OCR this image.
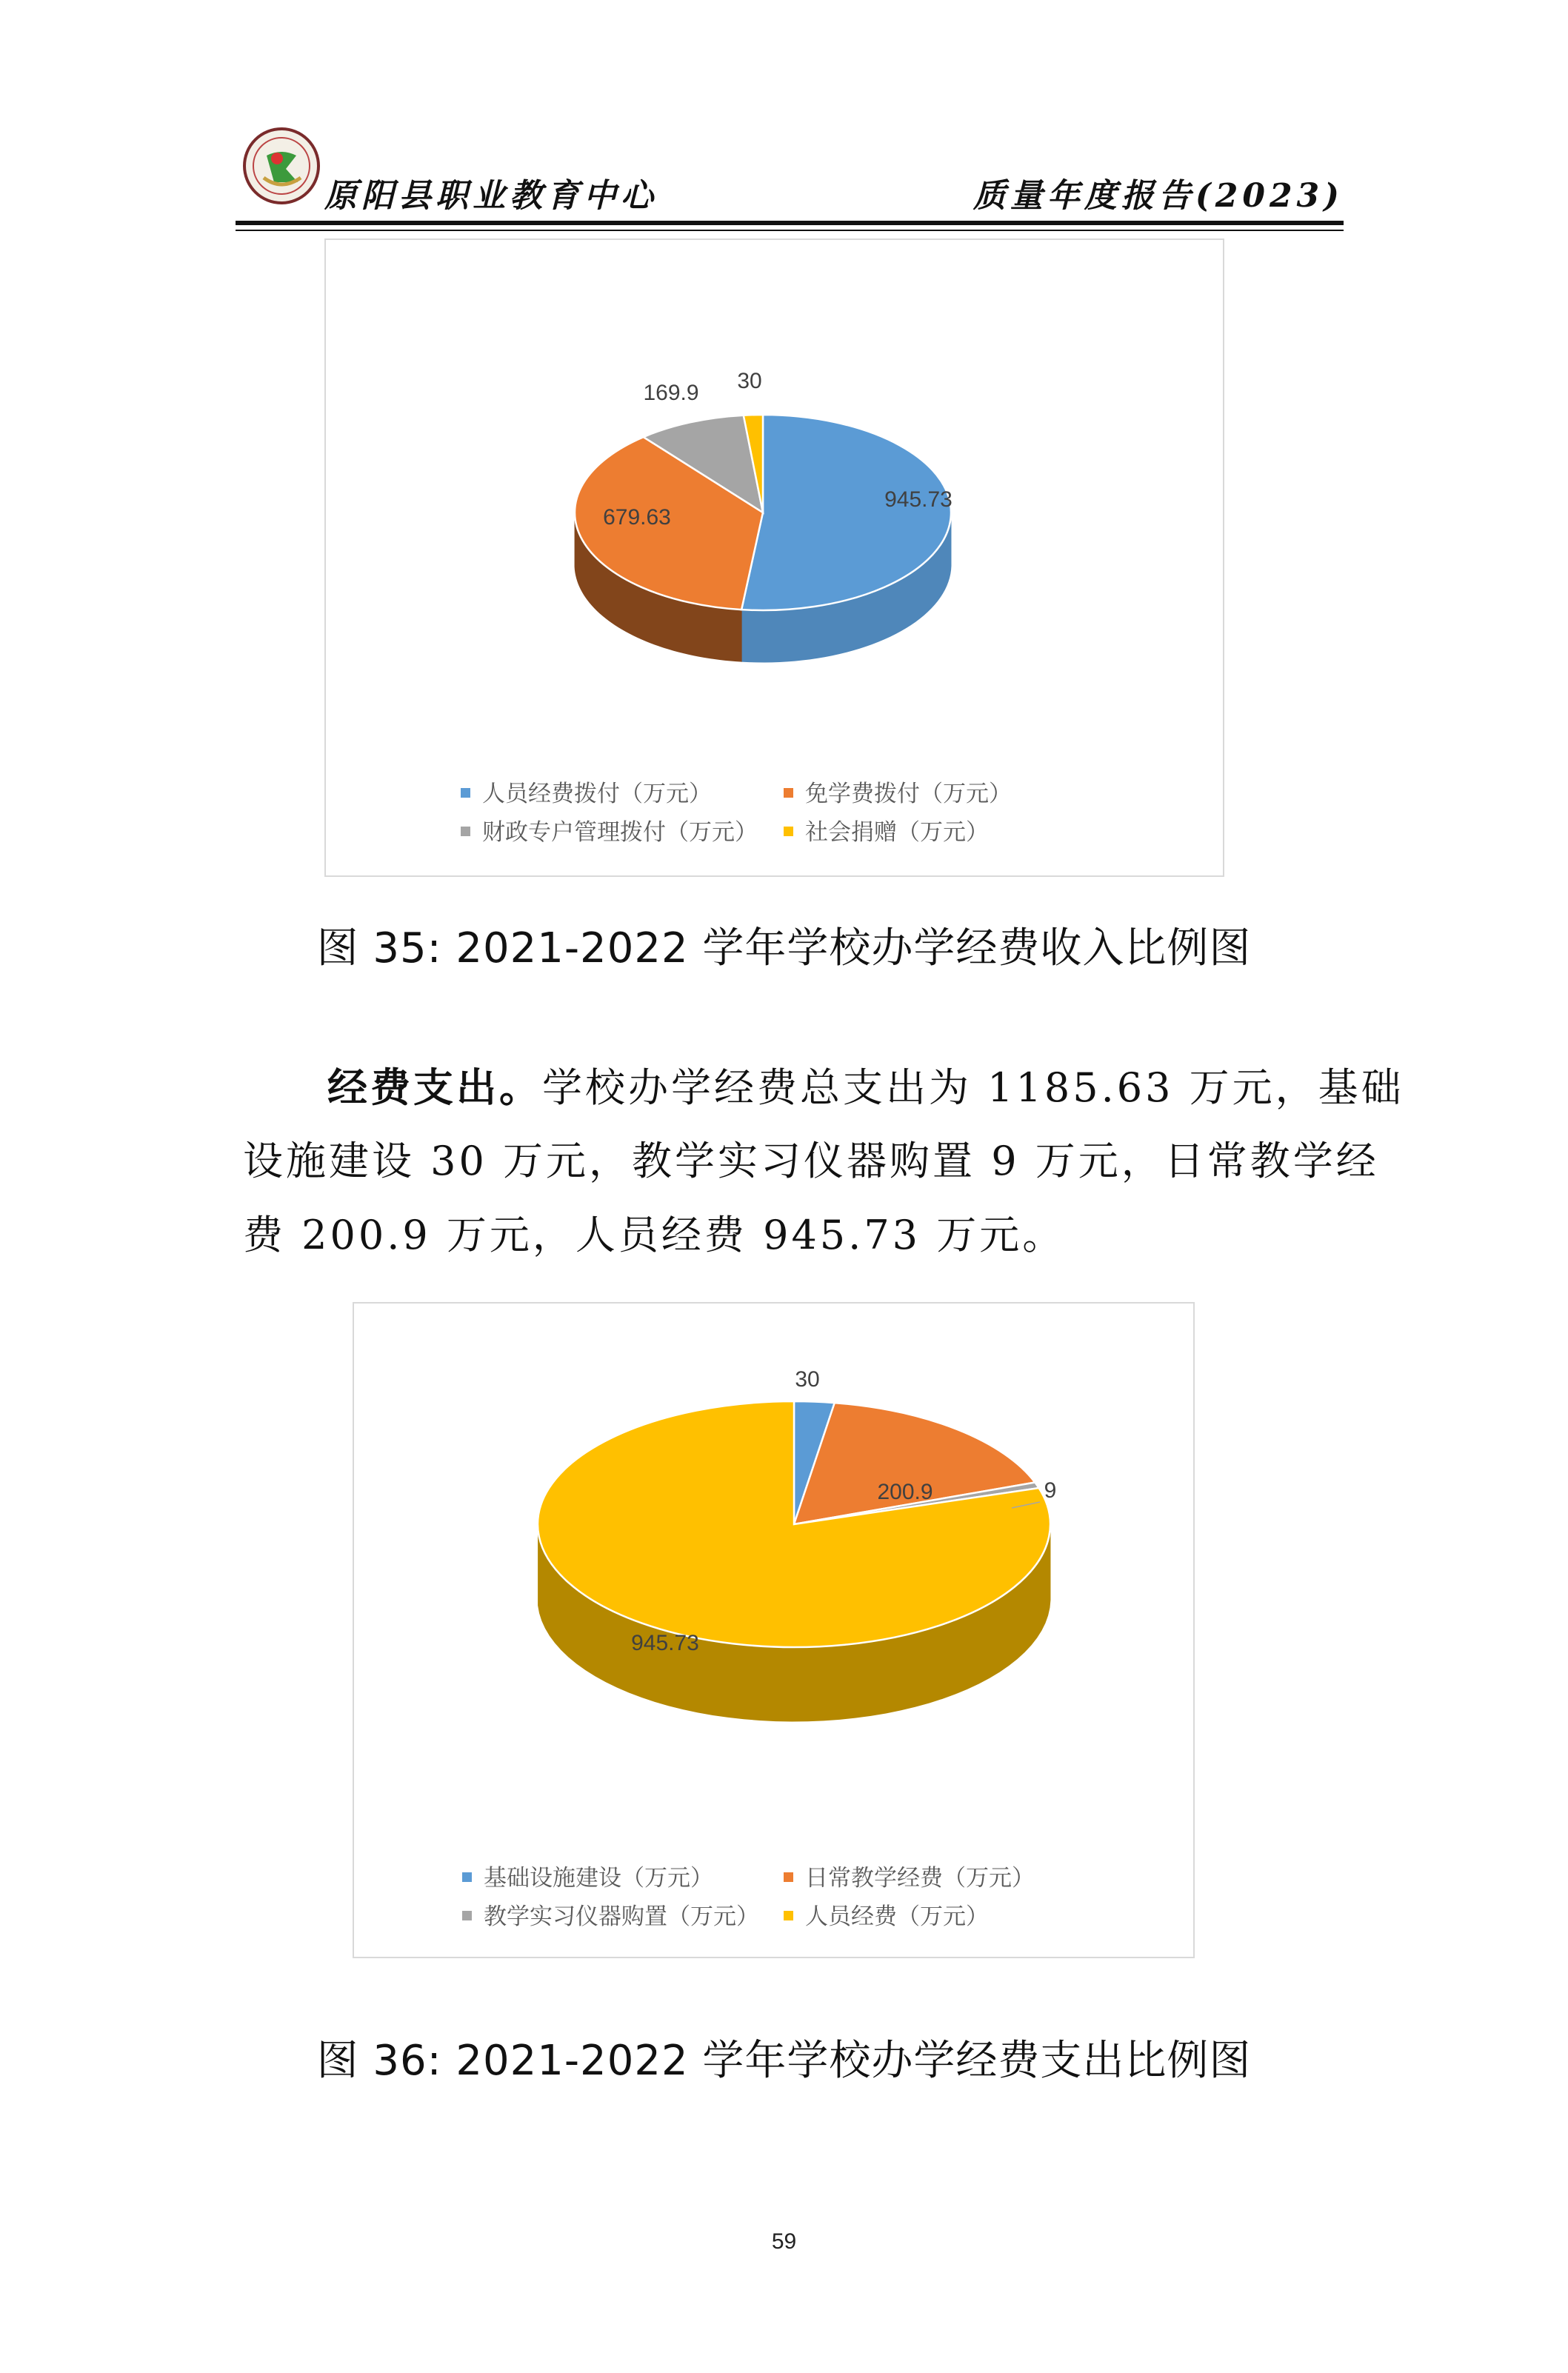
原阳县职业教育中心	质量年度报告(2023)
945.73
679.63
169.9 30
人员经费拨付（万元）	免学费拨付（万元）
财政专户管理拨付（万元）	社会捐赠（万元）
图 35: 2021-2022 学年学校办学经费收入比例图
经费支出。学校办学经费总支出为 1185.63 万元，基础
设施建设 30 万元，教学实习仪器购置 9 万元，日常教学经
费 200.9 万元，人员经费 945.73 万元。
30
200.9	9
945.73
基础设施建设（万元）	日常教学经费（万元）
教学实习仪器购置（万元）	人员经费（万元）
图 36: 2021-2022 学年学校办学经费支出比例图
59
